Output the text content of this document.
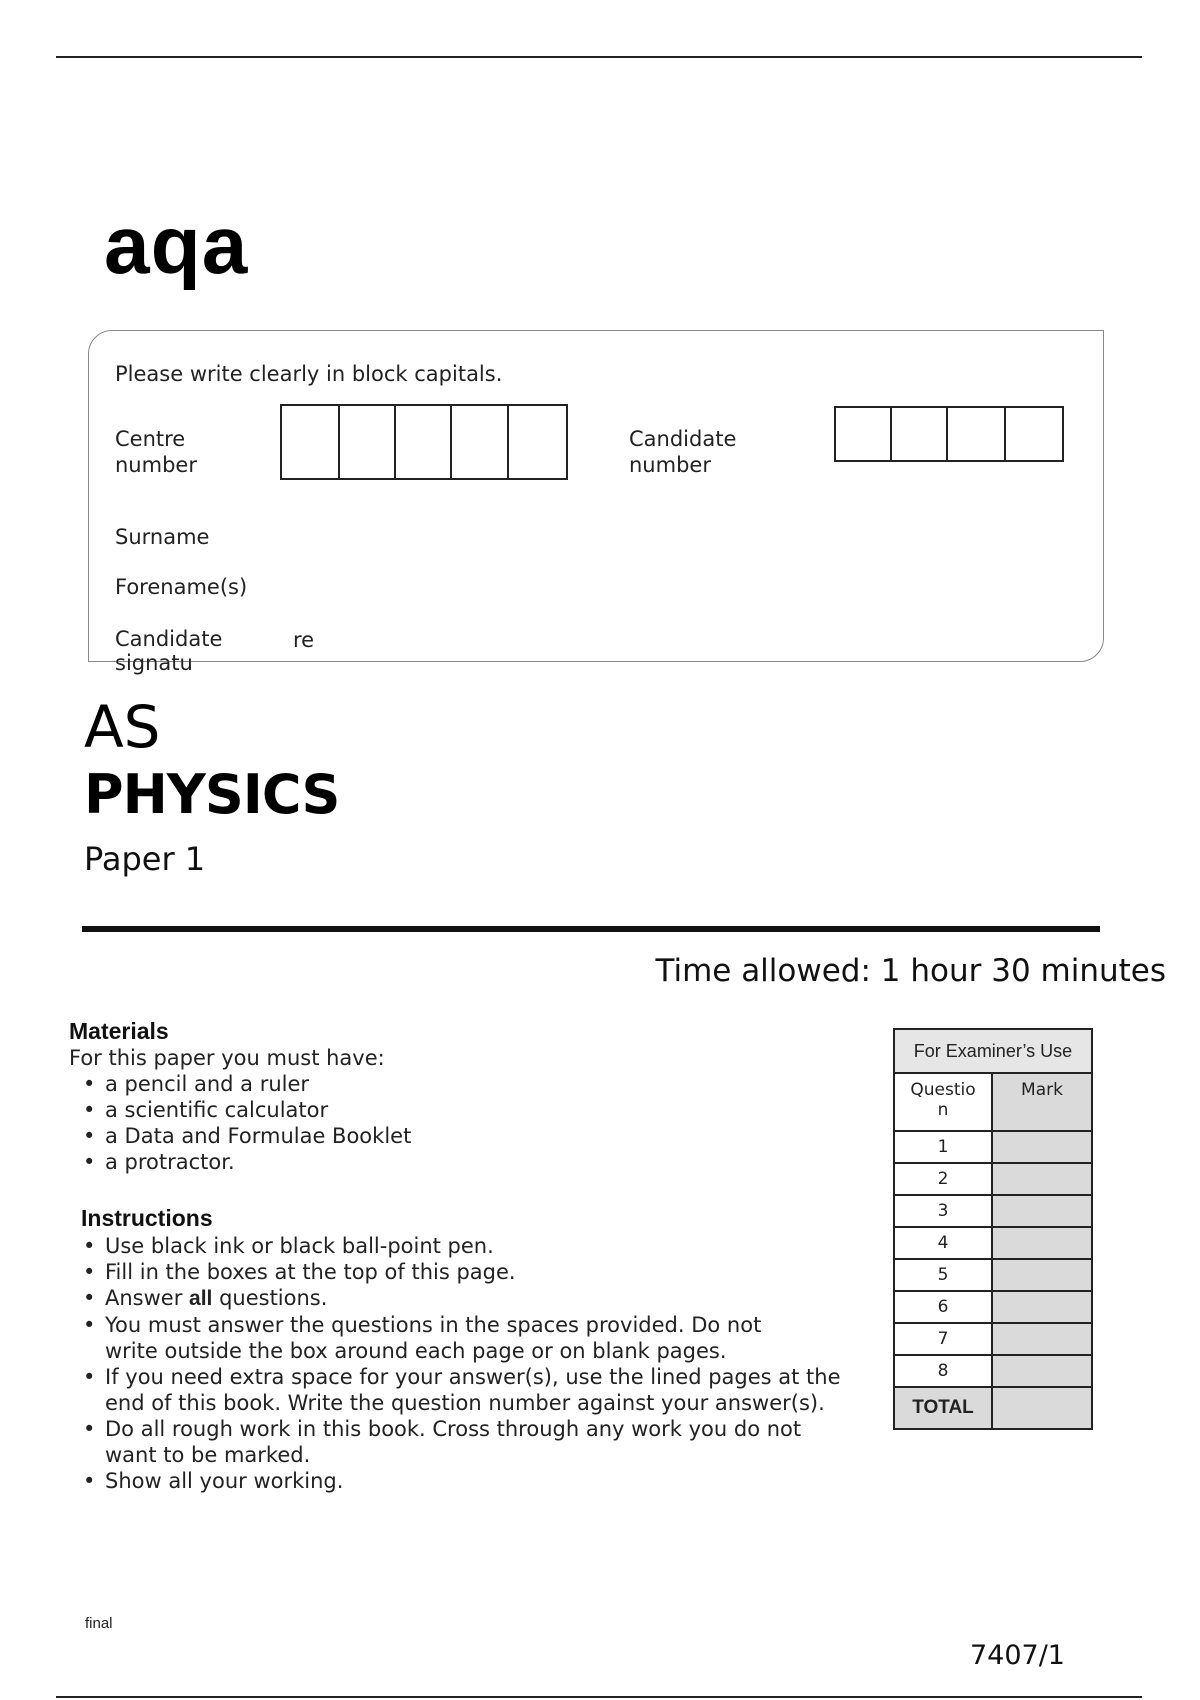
aqa
Please write clearly in block capitals.
Centre
number
Candidate
number
Surname
Forename(s)
Candidate
signatu
re
AS
PHYSICS
Paper 1
Time allowed: 1 hour 30 minutes
Materials
For this paper you must have:
• a pencil and a ruler
• a scientific calculator
• a Data and Formulae Booklet
• a protractor.
Instructions
• Use black ink or black ball-point pen.
• Fill in the boxes at the top of this page.
• Answer all questions.
• You must answer the questions in the spaces provided. Do not write outside the box around each page or on blank pages.
• If you need extra space for your answer(s), use the lined pages at the end of this book. Write the question number against your answer(s).
• Do all rough work in this book. Cross through any work you do not want to be marked.
• Show all your working.
For Examiner’s Use	

Questio
n	Mark
1	
2	
3	
4	
5	
6	
7	
8	
TOTAL	
final
7407/1
